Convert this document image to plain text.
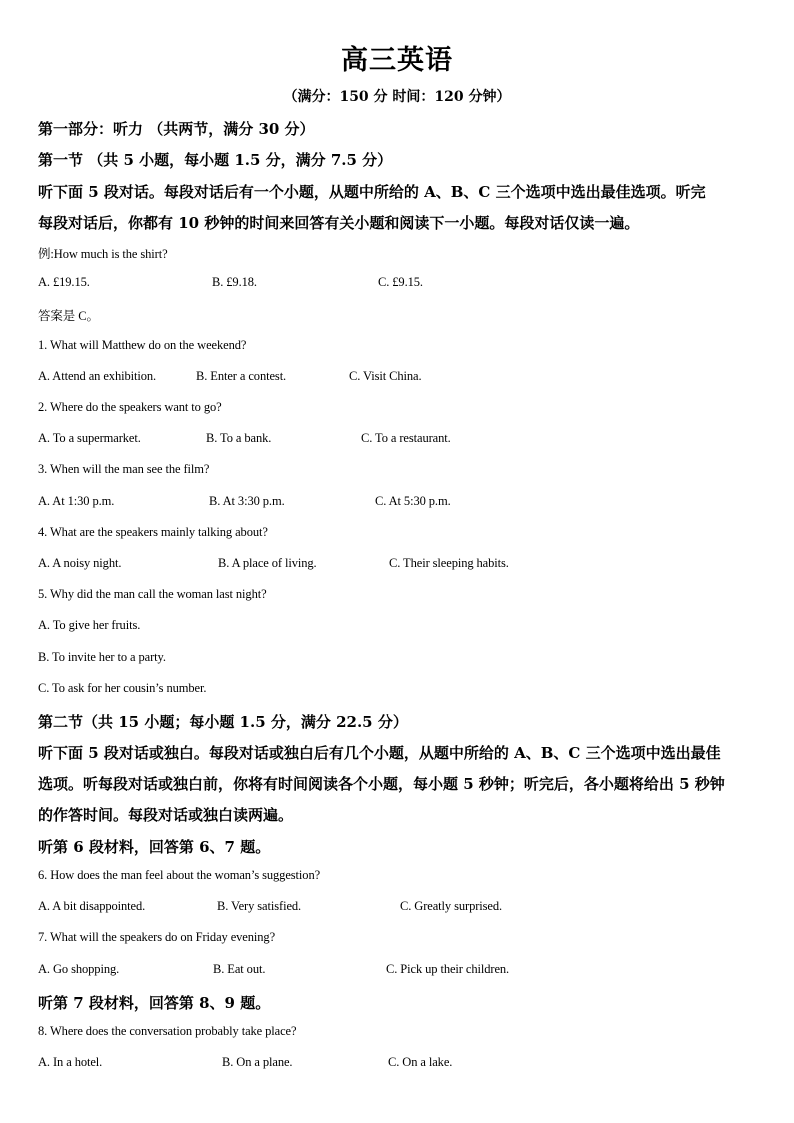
高三英语

（满分：150 分 时间：120 分钟）

第一部分：听力 （共两节，满分 30 分）

第一节 （共 5 小题，每小题 1.5 分，满分 7.5 分）

听下面 5 段对话。每段对话后有一个小题，从题中所给的 A、B、C 三个选项中选出最佳选项。听完

每段对话后，你都有 10 秒钟的时间来回答有关小题和阅读下一小题。每段对话仅读一遍。

例:How much is the shirt?

A. £19.15.	B. £9.18.	C. £9.15.

答案是 C。

1. What will Matthew do on the weekend?

A. Attend an exhibition.	B. Enter a contest.	C. Visit China.

2. Where do the speakers want to go?

A. To a supermarket.	B. To a bank.	C. To a restaurant.

3. When will the man see the film?

A. At 1:30 p.m.	B. At 3:30 p.m.	C. At 5:30 p.m.

4. What are the speakers mainly talking about?

A. A noisy night.	B. A place of living.	C. Their sleeping habits.

5. Why did the man call the woman last night?

A. To give her fruits.

B. To invite her to a party.

C. To ask for her cousin’s number.

第二节（共 15 小题；每小题 1.5 分，满分 22.5 分）

听下面 5 段对话或独白。每段对话或独白后有几个小题，从题中所给的 A、B、C 三个选项中选出最佳

选项。听每段对话或独白前，你将有时间阅读各个小题，每小题 5 秒钟；听完后，各小题将给出 5 秒钟

的作答时间。每段对话或独白读两遍。

听第 6 段材料，回答第 6、7 题。

6. How does the man feel about the woman’s suggestion?

A. A bit disappointed.	B. Very satisfied.	C. Greatly surprised.

7. What will the speakers do on Friday evening?

A. Go shopping.	B. Eat out.	C. Pick up their children.

听第 7 段材料，回答第 8、9 题。

8. Where does the conversation probably take place?

A. In a hotel.	B. On a plane.	C. On a lake.
